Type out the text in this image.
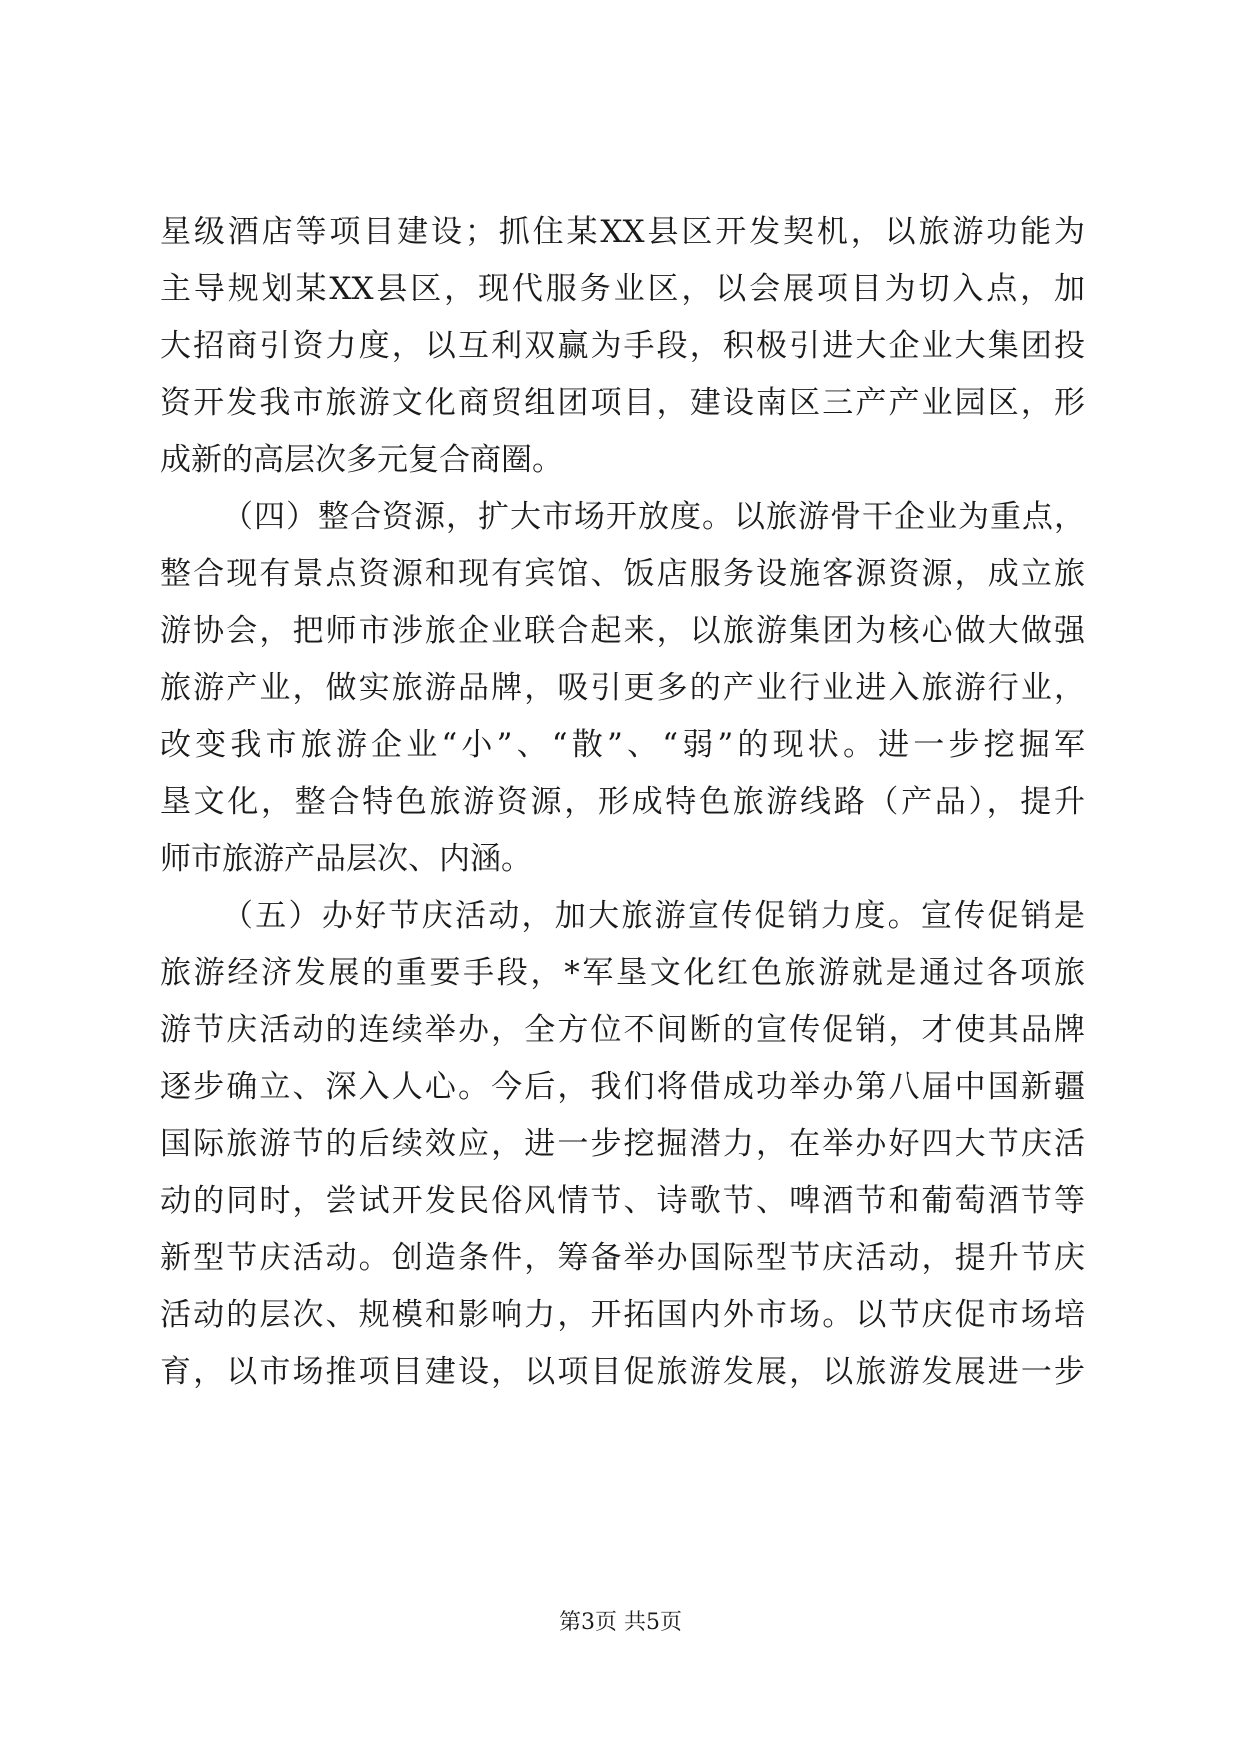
星级酒店等项目建设；抓住某XX县区开发契机，以旅游功能为
主导规划某XX县区，现代服务业区，以会展项目为切入点，加
大招商引资力度，以互利双赢为手段，积极引进大企业大集团投
资开发我市旅游文化商贸组团项目，建设南区三产产业园区，形
成新的高层次多元复合商圈。
（四）整合资源，扩大市场开放度。以旅游骨干企业为重点，
整合现有景点资源和现有宾馆、饭店服务设施客源资源，成立旅
游协会，把师市涉旅企业联合起来，以旅游集团为核心做大做强
旅游产业，做实旅游品牌，吸引更多的产业行业进入旅游行业，
改变我市旅游企业“小”、“散”、“弱”的现状。进一步挖掘军
垦文化，整合特色旅游资源，形成特色旅游线路（产品），提升
师市旅游产品层次、内涵。
（五）办好节庆活动，加大旅游宣传促销力度。宣传促销是
旅游经济发展的重要手段，*军垦文化红色旅游就是通过各项旅
游节庆活动的连续举办，全方位不间断的宣传促销，才使其品牌
逐步确立、深入人心。今后，我们将借成功举办第八届中国新疆
国际旅游节的后续效应，进一步挖掘潜力，在举办好四大节庆活
动的同时，尝试开发民俗风情节、诗歌节、啤酒节和葡萄酒节等
新型节庆活动。创造条件，筹备举办国际型节庆活动，提升节庆
活动的层次、规模和影响力，开拓国内外市场。以节庆促市场培
育，以市场推项目建设，以项目促旅游发展，以旅游发展进一步
第3页 共5页
